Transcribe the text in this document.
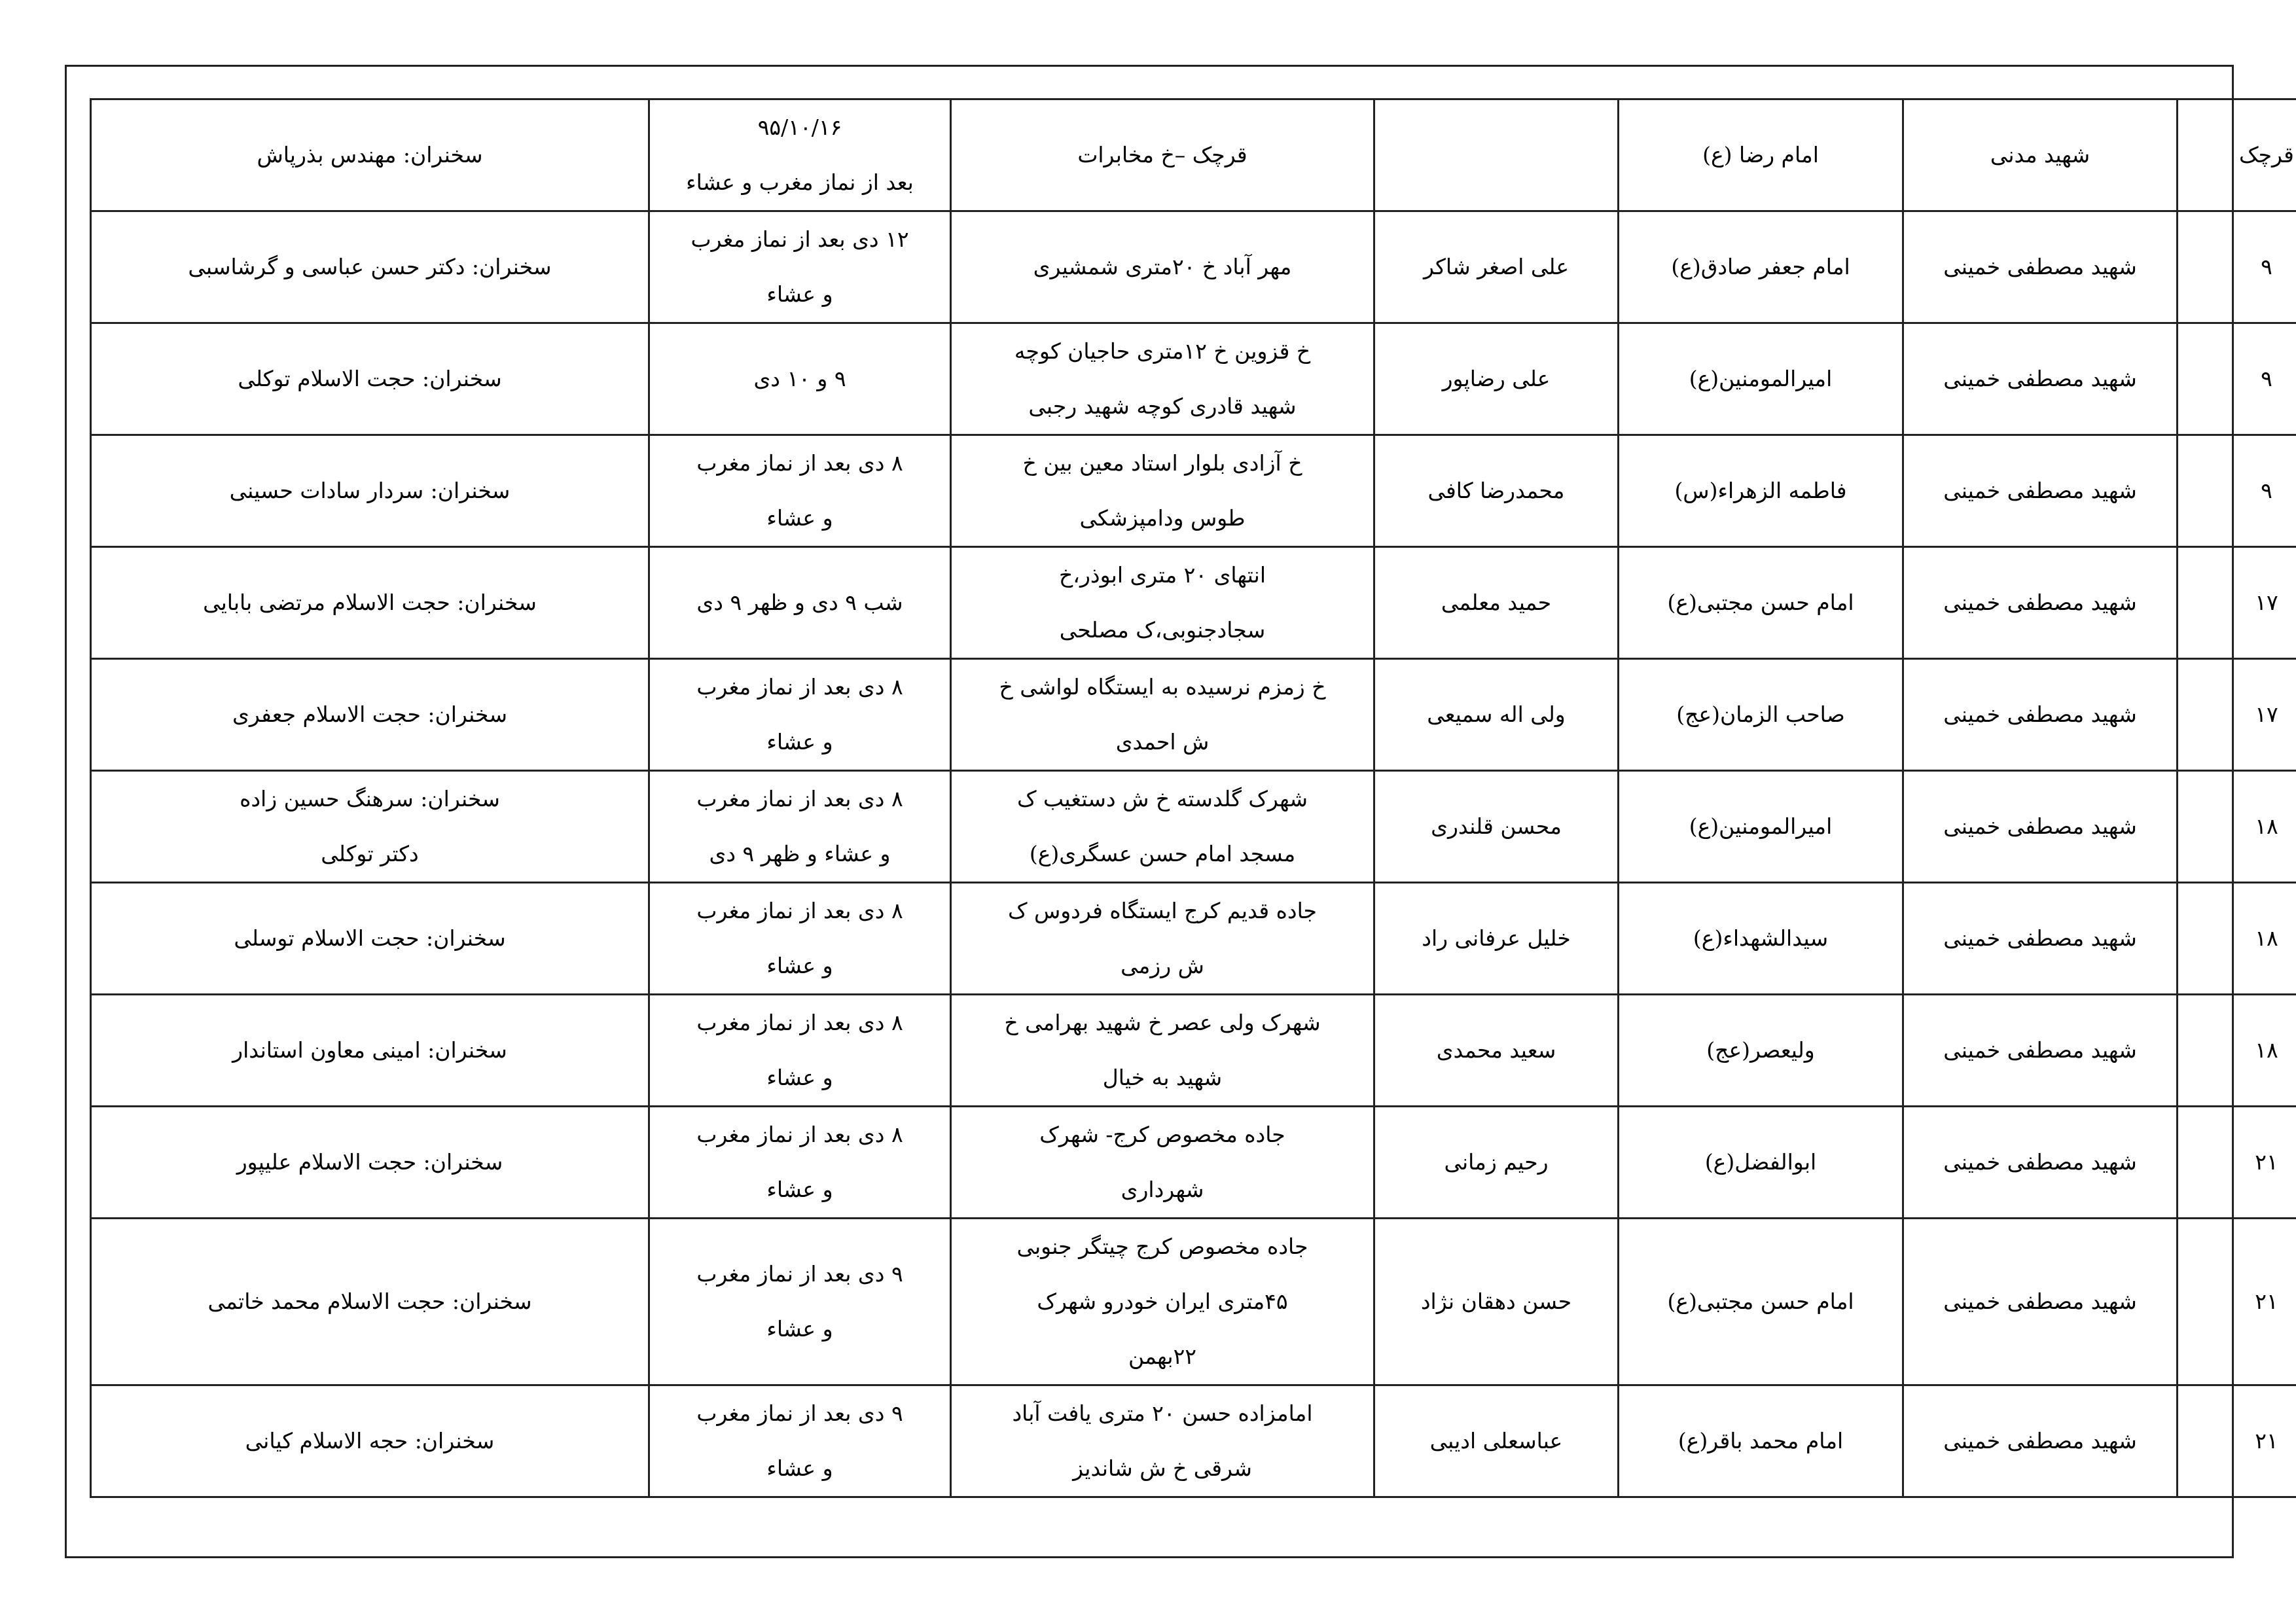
	قرچک	شهید مدنی	امام رضا (ع)		قرچک –خ مخابرات	۹۵/۱۰/۱۶
بعد از نماز مغرب و عشاء	سخنران: مهندس بذرپاش
	۹	شهید مصطفی خمینی	امام جعفر صادق(ع)	علی اصغر شاکر	مهر آباد خ ۲۰متری شمشیری	۱۲ دی بعد از نماز مغرب
و عشاء	سخنران: دکتر حسن عباسی و گرشاسبی
	۹	شهید مصطفی خمینی	امیرالمومنین(ع)	علی رضاپور	خ قزوین خ ۱۲متری حاجیان کوچه
شهید قادری کوچه شهید رجبی	۹ و ۱۰ دی	سخنران: حجت الاسلام توکلی
	۹	شهید مصطفی خمینی	فاطمه الزهراء(س)	محمدرضا کافی	خ آزادی بلوار استاد معین بین خ
طوس ودامپزشکی	۸ دی بعد از نماز مغرب
و عشاء	سخنران: سردار سادات حسینی
	۱۷	شهید مصطفی خمینی	امام حسن مجتبی(ع)	حمید معلمی	انتهای ۲۰ متری ابوذر،خ
سجادجنوبی،ک مصلحی	شب ۹ دی و ظهر ۹ دی	سخنران: حجت الاسلام مرتضی بابایی
	۱۷	شهید مصطفی خمینی	صاحب الزمان(عج)	ولی اله سمیعی	خ زمزم نرسیده به ایستگاه لواشی خ
ش احمدی	۸ دی بعد از نماز مغرب
و عشاء	سخنران: حجت الاسلام جعفری
	۱۸	شهید مصطفی خمینی	امیرالمومنین(ع)	محسن قلندری	شهرک گلدسته خ ش دستغیب ک
مسجد امام حسن عسگری(ع)	۸ دی بعد از نماز مغرب
و عشاء و ظهر ۹ دی	سخنران: سرهنگ حسین زاده
دکتر توکلی
	۱۸	شهید مصطفی خمینی	سیدالشهداء(ع)	خلیل عرفانی راد	جاده قدیم کرج ایستگاه فردوس ک
ش رزمی	۸ دی بعد از نماز مغرب
و عشاء	سخنران: حجت الاسلام توسلی
	۱۸	شهید مصطفی خمینی	ولیعصر(عج)	سعید محمدی	شهرک ولی عصر خ شهید بهرامی خ
شهید به خیال	۸ دی بعد از نماز مغرب
و عشاء	سخنران: امینی معاون استاندار
	۲۱	شهید مصطفی خمینی	ابوالفضل(ع)	رحیم زمانی	جاده مخصوص کرج- شهرک
شهرداری	۸ دی بعد از نماز مغرب
و عشاء	سخنران: حجت الاسلام علیپور
	۲۱	شهید مصطفی خمینی	امام حسن مجتبی(ع)	حسن دهقان نژاد	جاده مخصوص کرج چیتگر جنوبی
۴۵متری ایران خودرو شهرک
۲۲بهمن	۹ دی بعد از نماز مغرب
و عشاء	سخنران: حجت الاسلام محمد خاتمی
	۲۱	شهید مصطفی خمینی	امام محمد باقر(ع)	عباسعلی ادیبی	امامزاده حسن ۲۰ متری یافت آباد
شرقی خ ش شاندیز	۹ دی بعد از نماز مغرب
و عشاء	سخنران: حجه الاسلام کیانی
